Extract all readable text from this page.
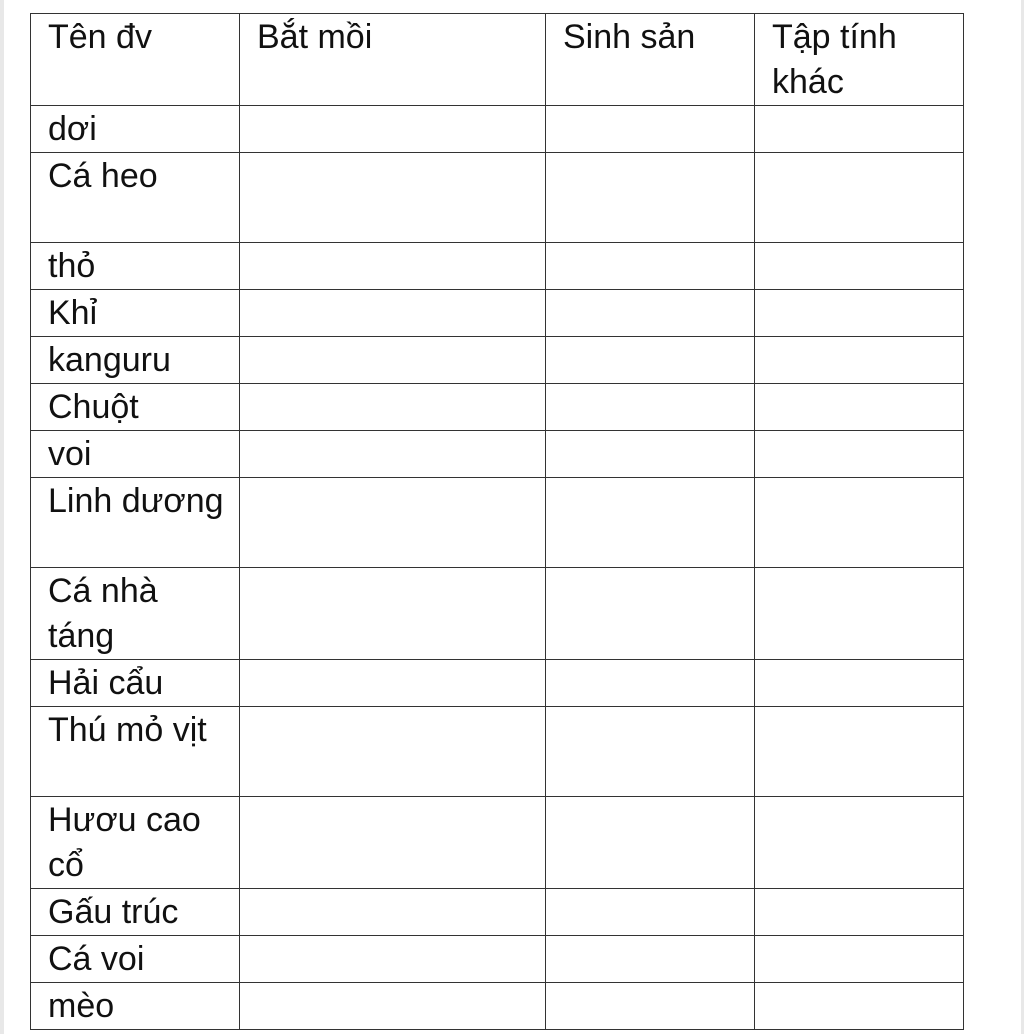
Tên đv	Bắt mồi	Sinh sản	Tập tính khác
dơi			
Cá heo			
thỏ			
Khỉ			
kanguru			
Chuột			
voi			
Linh dương			
Cá nhà táng			
Hải cẩu			
Thú mỏ vịt			
Hươu cao cổ			
Gấu trúc			
Cá voi			
mèo			
